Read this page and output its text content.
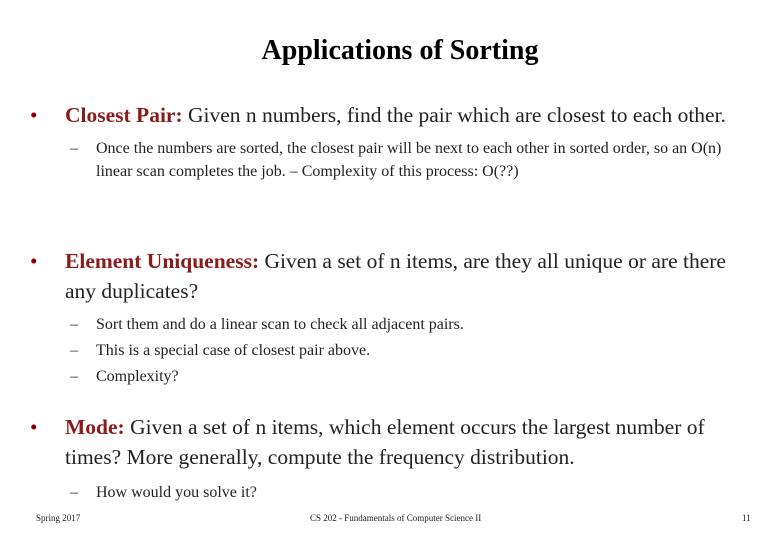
Applications of Sorting
•	Closest Pair: Given n numbers, find the pair which are closest to each other.
–	Once the numbers are sorted, the closest pair will be next to each other in sorted order, so an O(n) linear scan completes the job. – Complexity of this process: O(??)
•	Element Uniqueness: Given a set of n items, are they all unique or are there any duplicates?
–	Sort them and do a linear scan to check all adjacent pairs.
–	This is a special case of closest pair above.
–	Complexity?
•	Mode: Given a set of n items, which element occurs the largest number of times? More generally, compute the frequency distribution.
–	How would you solve it?
Spring 2017	CS 202 - Fundamentals of Computer Science II	11
